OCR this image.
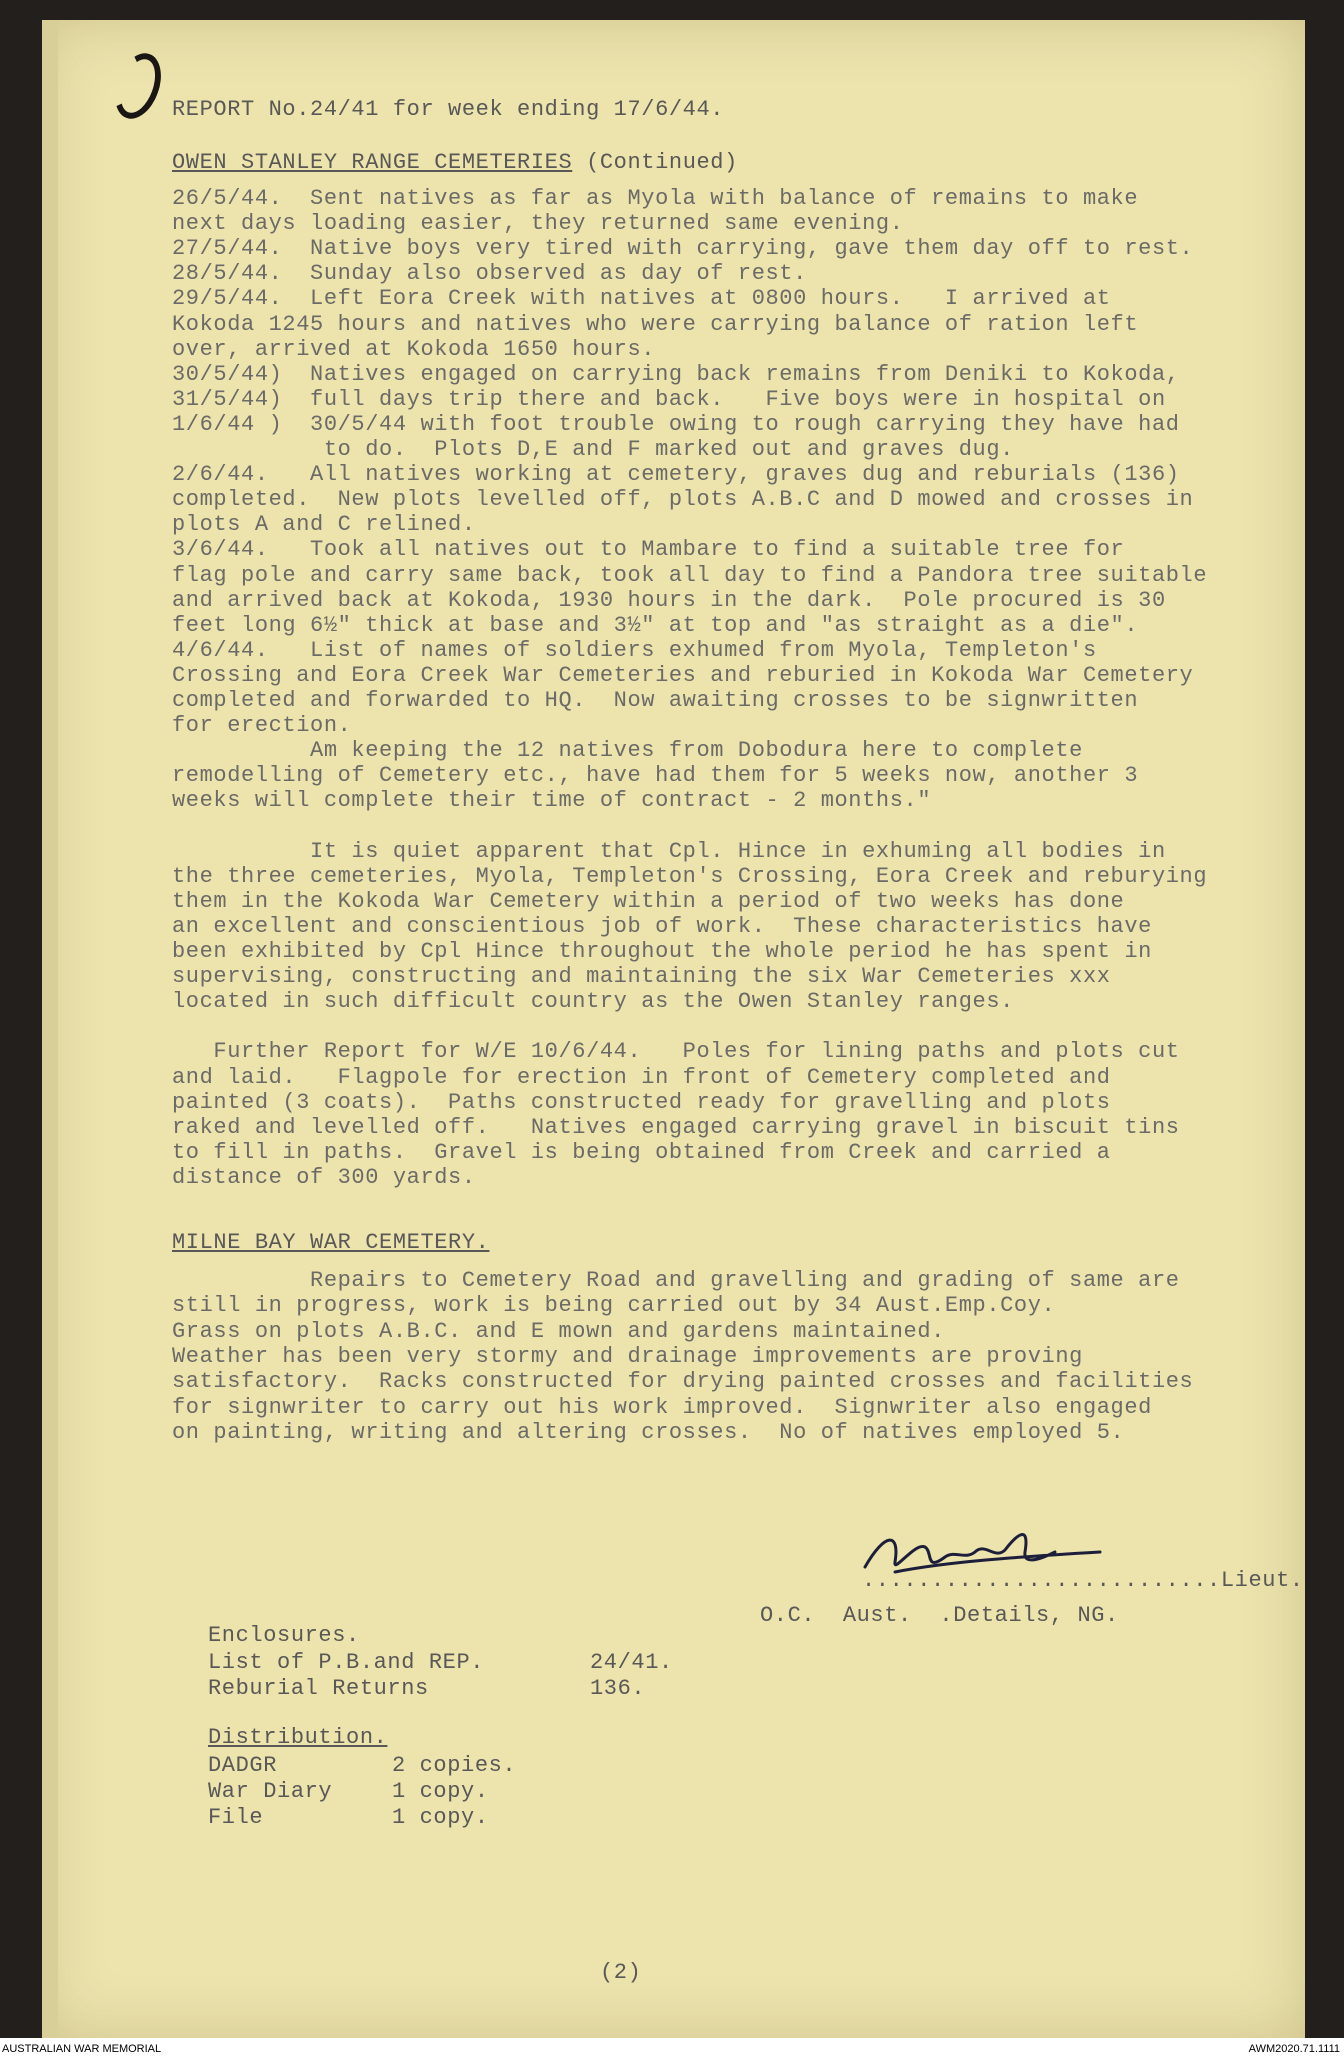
REPORT No.24/41 for week ending 17/6/44.
OWEN STANLEY RANGE CEMETERIES (Continued)
26/5/44.  Sent natives as far as Myola with balance of remains to make
next days loading easier, they returned same evening.
27/5/44.  Native boys very tired with carrying, gave them day off to rest.
28/5/44.  Sunday also observed as day of rest.
29/5/44.  Left Eora Creek with natives at 0800 hours.   I arrived at
Kokoda 1245 hours and natives who were carrying balance of ration left
over, arrived at Kokoda 1650 hours.
30/5/44)  Natives engaged on carrying back remains from Deniki to Kokoda,
31/5/44)  full days trip there and back.   Five boys were in hospital on
1/6/44 )  30/5/44 with foot trouble owing to rough carrying they have had
to do.  Plots D,E and F marked out and graves dug.
2/6/44.   All natives working at cemetery, graves dug and reburials (136)
completed.  New plots levelled off, plots A.B.C and D mowed and crosses in
plots A and C relined.
3/6/44.   Took all natives out to Mambare to find a suitable tree for
flag pole and carry same back, took all day to find a Pandora tree suitable
and arrived back at Kokoda, 1930 hours in the dark.  Pole procured is 30
feet long 6½" thick at base and 3½" at top and "as straight as a die".
4/6/44.   List of names of soldiers exhumed from Myola, Templeton's
Crossing and Eora Creek War Cemeteries and reburied in Kokoda War Cemetery
completed and forwarded to HQ.  Now awaiting crosses to be signwritten
for erection.
Am keeping the 12 natives from Dobodura here to complete
remodelling of Cemetery etc., have had them for 5 weeks now, another 3
weeks will complete their time of contract - 2 months."
It is quiet apparent that Cpl. Hince in exhuming all bodies in
the three cemeteries, Myola, Templeton's Crossing, Eora Creek and reburying
them in the Kokoda War Cemetery within a period of two weeks has done
an excellent and conscientious job of work.  These characteristics have
been exhibited by Cpl Hince throughout the whole period he has spent in
supervising, constructing and maintaining the six War Cemeteries xxx
located in such difficult country as the Owen Stanley ranges.
Further Report for W/E 10/6/44.   Poles for lining paths and plots cut
and laid.   Flagpole for erection in front of Cemetery completed and
painted (3 coats).  Paths constructed ready for gravelling and plots
raked and levelled off.   Natives engaged carrying gravel in biscuit tins
to fill in paths.  Gravel is being obtained from Creek and carried a
distance of 300 yards.
MILNE BAY WAR CEMETERY.
Repairs to Cemetery Road and gravelling and grading of same are
still in progress, work is being carried out by 34 Aust.Emp.Coy.
Grass on plots A.B.C. and E mown and gardens maintained.
Weather has been very stormy and drainage improvements are proving
satisfactory.  Racks constructed for drying painted crosses and facilities
for signwriter to carry out his work improved.  Signwriter also engaged
on painting, writing and altering crosses.  No of natives employed 5.
..........................Lieut.
O.C.  Aust.  .Details, NG.
Enclosures.
List of P.B.and REP.	24/41.
Reburial Returns	136.
Distribution.
DADGR	2 copies.
War Diary	1 copy.
File	1 copy.
(2)
AUSTRALIAN WAR MEMORIAL	AWM2020.71.1111
